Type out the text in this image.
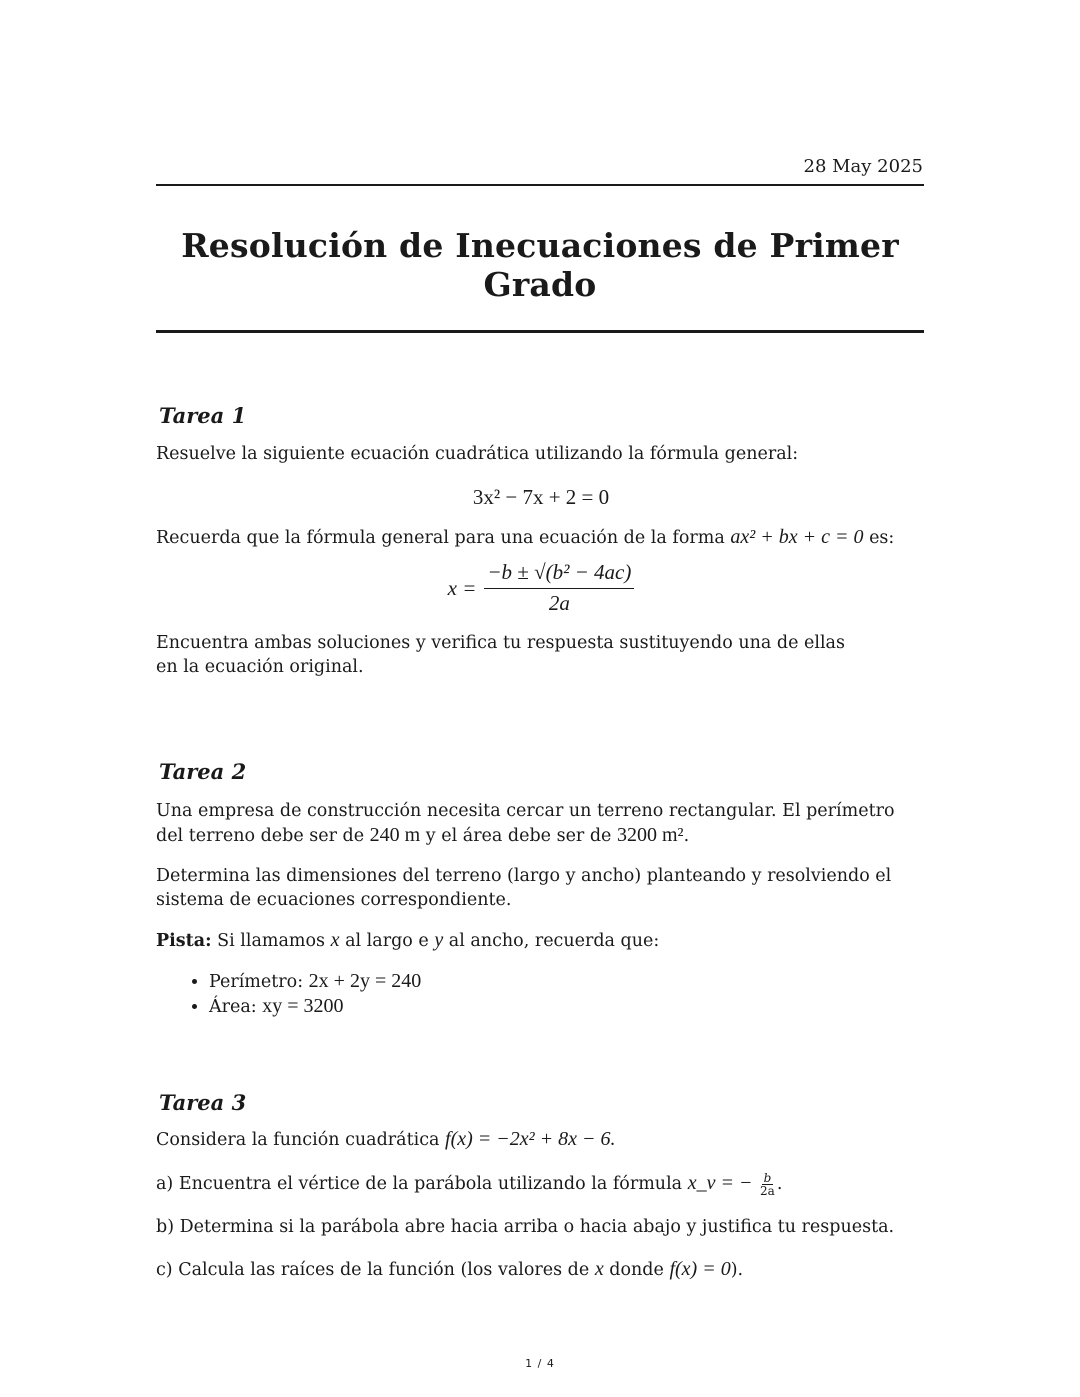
28 May 2025
Resolución de Inecuaciones de Primer Grado
Tarea 1

Resuelve la siguiente ecuación cuadrática utilizando la fórmula general:

3x² − 7x + 2 = 0

Recuerda que la fórmula general para una ecuación de la forma ax² + bx + c = 0 es:

$x = \frac{\text{−b ± √(b² − 4ac)}}{2a}$

Encuentra ambas soluciones y verifica tu respuesta sustituyendo una de ellas en la ecuación original.

Tarea 2

Una empresa de construcción necesita cercar un terreno rectangular. El perímetro del terreno debe ser de 240 m y el área debe ser de 3200 m².

Determina las dimensiones del terreno (largo y ancho) planteando y resolviendo el sistema de ecuaciones correspondiente.

Pista: Si llamamos x al largo e y al ancho, recuerda que:

• Perímetro: 2x + 2y = 240
• Área: xy = 3200
Tarea 3

Considera la función cuadrática f(x) = −2x² + 8x − 6.

a) Encuentra el vértice de la parábola utilizando la fórmula x_v = − $\frac{b}{2a}$ .

b) Determina si la parábola abre hacia arriba o hacia abajo y justifica tu respuesta.

c) Calcula las raíces de la función (los valores de x donde f(x) = 0).

1 / 4
